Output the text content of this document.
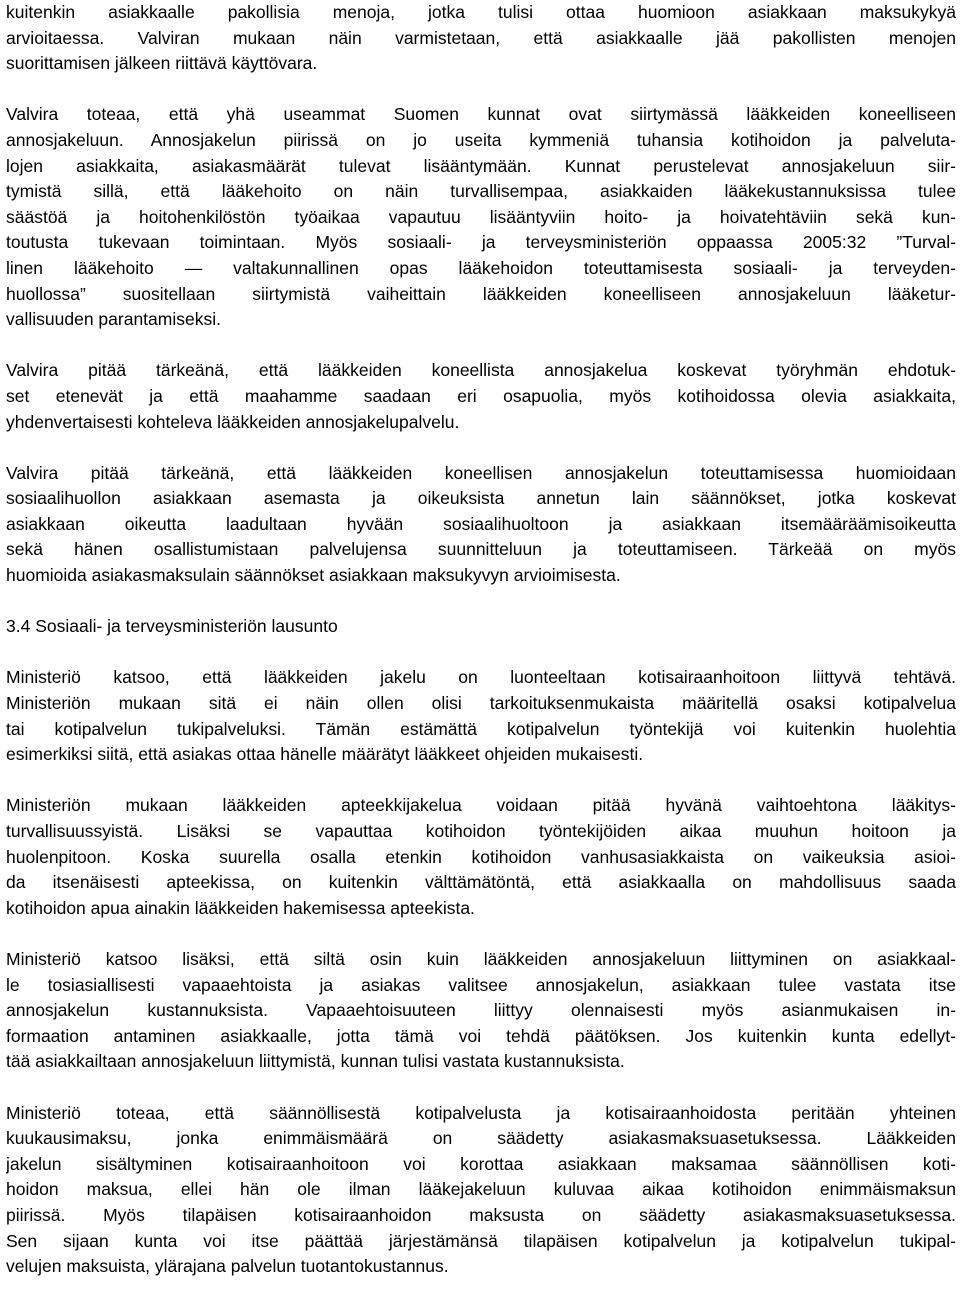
kuitenkin asiakkaalle pakollisia menoja, jotka tulisi ottaa huomioon asiakkaan maksukykyä
arvioitaessa. Valviran mukaan näin varmistetaan, että asiakkaalle jää pakollisten menojen
suorittamisen jälkeen riittävä käyttövara.
Valvira toteaa, että yhä useammat Suomen kunnat ovat siirtymässä lääkkeiden koneelliseen
annosjakeluun. Annosjakelun piirissä on jo useita kymmeniä tuhansia kotihoidon ja palveluta-
lojen asiakkaita, asiakasmäärät tulevat lisääntymään. Kunnat perustelevat annosjakeluun siir-
tymistä sillä, että lääkehoito on näin turvallisempaa, asiakkaiden lääkekustannuksissa tulee
säästöä ja hoitohenkilöstön työaikaa vapautuu lisääntyviin hoito- ja hoivatehtäviin sekä kun-
toutusta tukevaan toimintaan. Myös sosiaali- ja terveysministeriön oppaassa 2005:32 ”Turval-
linen lääkehoito — valtakunnallinen opas lääkehoidon toteuttamisesta sosiaali- ja terveyden-
huollossa” suositellaan siirtymistä vaiheittain lääkkeiden koneelliseen annosjakeluun lääketur-
vallisuuden parantamiseksi.
Valvira pitää tärkeänä, että lääkkeiden koneellista annosjakelua koskevat työryhmän ehdotuk-
set etenevät ja että maahamme saadaan eri osapuolia, myös kotihoidossa olevia asiakkaita,
yhdenvertaisesti kohteleva lääkkeiden annosjakelupalvelu.
Valvira pitää tärkeänä, että lääkkeiden koneellisen annosjakelun toteuttamisessa huomioidaan
sosiaalihuollon asiakkaan asemasta ja oikeuksista annetun lain säännökset, jotka koskevat
asiakkaan oikeutta laadultaan hyvään sosiaalihuoltoon ja asiakkaan itsemääräämisoikeutta
sekä hänen osallistumistaan palvelujensa suunnitteluun ja toteuttamiseen. Tärkeää on myös
huomioida asiakasmaksulain säännökset asiakkaan maksukyvyn arvioimisesta.
3.4 Sosiaali- ja terveysministeriön lausunto
Ministeriö katsoo, että lääkkeiden jakelu on luonteeltaan kotisairaanhoitoon liittyvä tehtävä.
Ministeriön mukaan sitä ei näin ollen olisi tarkoituksenmukaista määritellä osaksi kotipalvelua
tai kotipalvelun tukipalveluksi. Tämän estämättä kotipalvelun työntekijä voi kuitenkin huolehtia
esimerkiksi siitä, että asiakas ottaa hänelle määrätyt lääkkeet ohjeiden mukaisesti.
Ministeriön mukaan lääkkeiden apteekkijakelua voidaan pitää hyvänä vaihtoehtona lääkitys-
turvallisuussyistä. Lisäksi se vapauttaa kotihoidon työntekijöiden aikaa muuhun hoitoon ja
huolenpitoon. Koska suurella osalla etenkin kotihoidon vanhusasiakkaista on vaikeuksia asioi-
da itsenäisesti apteekissa, on kuitenkin välttämätöntä, että asiakkaalla on mahdollisuus saada
kotihoidon apua ainakin lääkkeiden hakemisessa apteekista.
Ministeriö katsoo lisäksi, että siltä osin kuin lääkkeiden annosjakeluun liittyminen on asiakkaal-
le tosiasiallisesti vapaaehtoista ja asiakas valitsee annosjakelun, asiakkaan tulee vastata itse
annosjakelun kustannuksista. Vapaaehtoisuuteen liittyy olennaisesti myös asianmukaisen in-
formaation antaminen asiakkaalle, jotta tämä voi tehdä päätöksen. Jos kuitenkin kunta edellyt-
tää asiakkailtaan annosjakeluun liittymistä, kunnan tulisi vastata kustannuksista.
Ministeriö toteaa, että säännöllisestä kotipalvelusta ja kotisairaanhoidosta peritään yhteinen
kuukausimaksu, jonka enimmäismäärä on säädetty asiakasmaksuasetuksessa. Lääkkeiden
jakelun sisältyminen kotisairaanhoitoon voi korottaa asiakkaan maksamaa säännöllisen koti-
hoidon maksua, ellei hän ole ilman lääkejakeluun kuluvaa aikaa kotihoidon enimmäismaksun
piirissä. Myös tilapäisen kotisairaanhoidon maksusta on säädetty asiakasmaksuasetuksessa.
Sen sijaan kunta voi itse päättää järjestämänsä tilapäisen kotipalvelun ja kotipalvelun tukipal-
velujen maksuista, ylärajana palvelun tuotantokustannus.
